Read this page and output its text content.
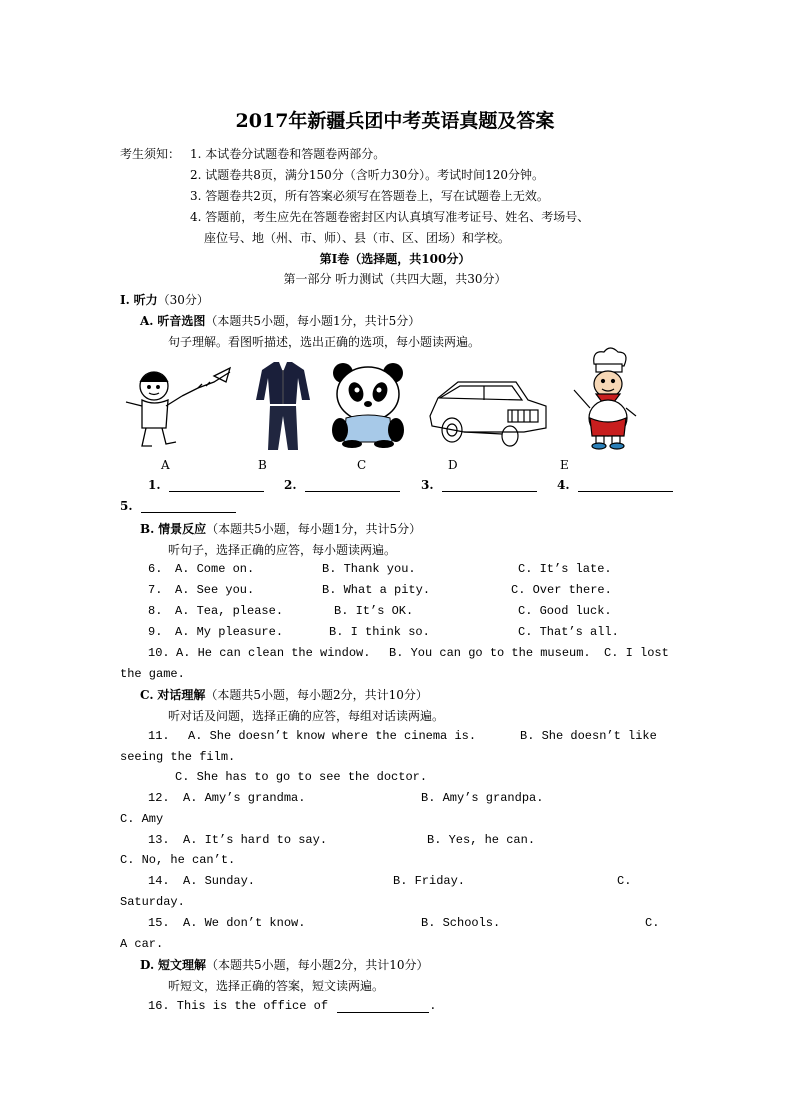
2017年新疆兵团中考英语真题及答案
考生须知： 1. 本试卷分试题卷和答题卷两部分。
2. 试题卷共8页，满分150分（含听力30分）。考试时间120分钟。
3. 答题卷共2页，所有答案必须写在答题卷上，写在试题卷上无效。
4. 答题前，考生应先在答题卷密封区内认真填写准考证号、姓名、考场号、
座位号、地（州、市、师）、县（市、区、团场）和学校。
第Ⅰ卷（选择题，共100分）
第一部分 听力测试（共四大题，共30分）
I. 听力（30分）
A. 听音选图（本题共5小题，每小题1分，共计5分）
句子理解。看图听描述，选出正确的选项，每小题读两遍。
A	B	C	D	E
1.	2.	3.	4.
5.
B. 情景反应（本题共5小题，每小题1分，共计5分）
听句子，选择正确的应答，每小题读两遍。
6. A. Come on.	B. Thank you.	C. It’s late.
7. A. See you.	B. What a pity.	C. Over there.
8. A. Tea, please.	B. It’s OK.	C. Good luck.
9. A. My pleasure.	B. I think so.	C. That’s all.
10. A. He can clean the window. B. You can go to the museum. C. I lost
the game.
C. 对话理解（本题共5小题，每小题2分，共计10分）
听对话及问题，选择正确的应答，每组对话读两遍。
11. A. She doesn’t know where the cinema is.	B. She doesn’t like
seeing the film.
C. She has to go to see the doctor.
12. A. Amy’s grandma.	B. Amy’s grandpa.
C. Amy
13. A. It’s hard to say.	B. Yes, he can.
C. No, he can’t.
14. A. Sunday.	B. Friday.	C.
Saturday.
15. A. We don’t know.	B. Schools.	C.
A car.
D. 短文理解（本题共5小题，每小题2分，共计10分）
听短文，选择正确的答案，短文读两遍。
16. This is the office of	.
